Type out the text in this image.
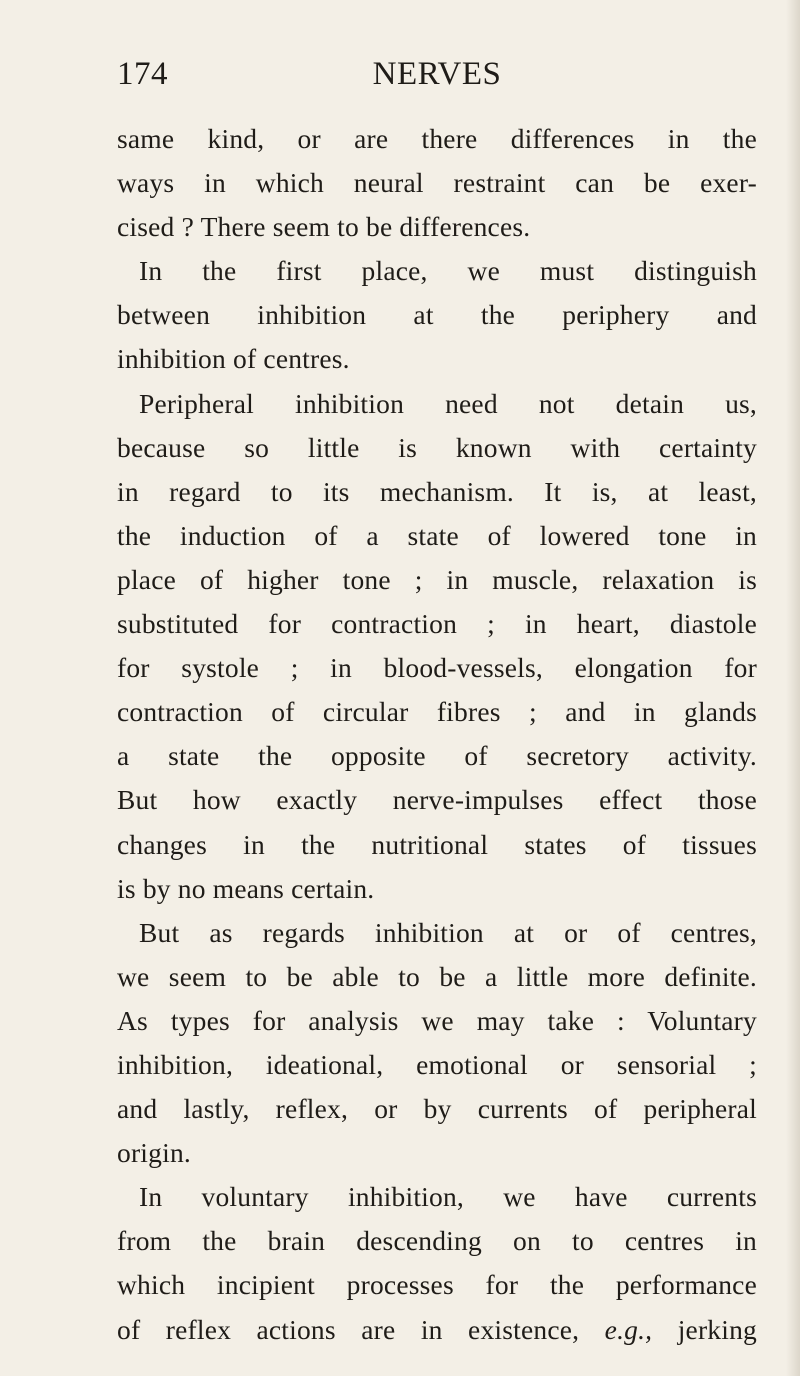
174	NERVES
same kind, or are there differences in the
ways in which neural restraint can be exer-
cised ? There seem to be differences.
In the first place, we must distinguish
between inhibition at the periphery and
inhibition of centres.
Peripheral inhibition need not detain us,
because so little is known with certainty
in regard to its mechanism. It is, at least,
the induction of a state of lowered tone in
place of higher tone ; in muscle, relaxation is
substituted for contraction ; in heart, diastole
for systole ; in blood-vessels, elongation for
contraction of circular fibres ; and in glands
a state the opposite of secretory activity.
But how exactly nerve-impulses effect those
changes in the nutritional states of tissues
is by no means certain.
But as regards inhibition at or of centres,
we seem to be able to be a little more definite.
As types for analysis we may take : Voluntary
inhibition, ideational, emotional or sensorial ;
and lastly, reflex, or by currents of peripheral
origin.
In voluntary inhibition, we have currents
from the brain descending on to centres in
which incipient processes for the performance
of reflex actions are in existence, e.g., jerking
